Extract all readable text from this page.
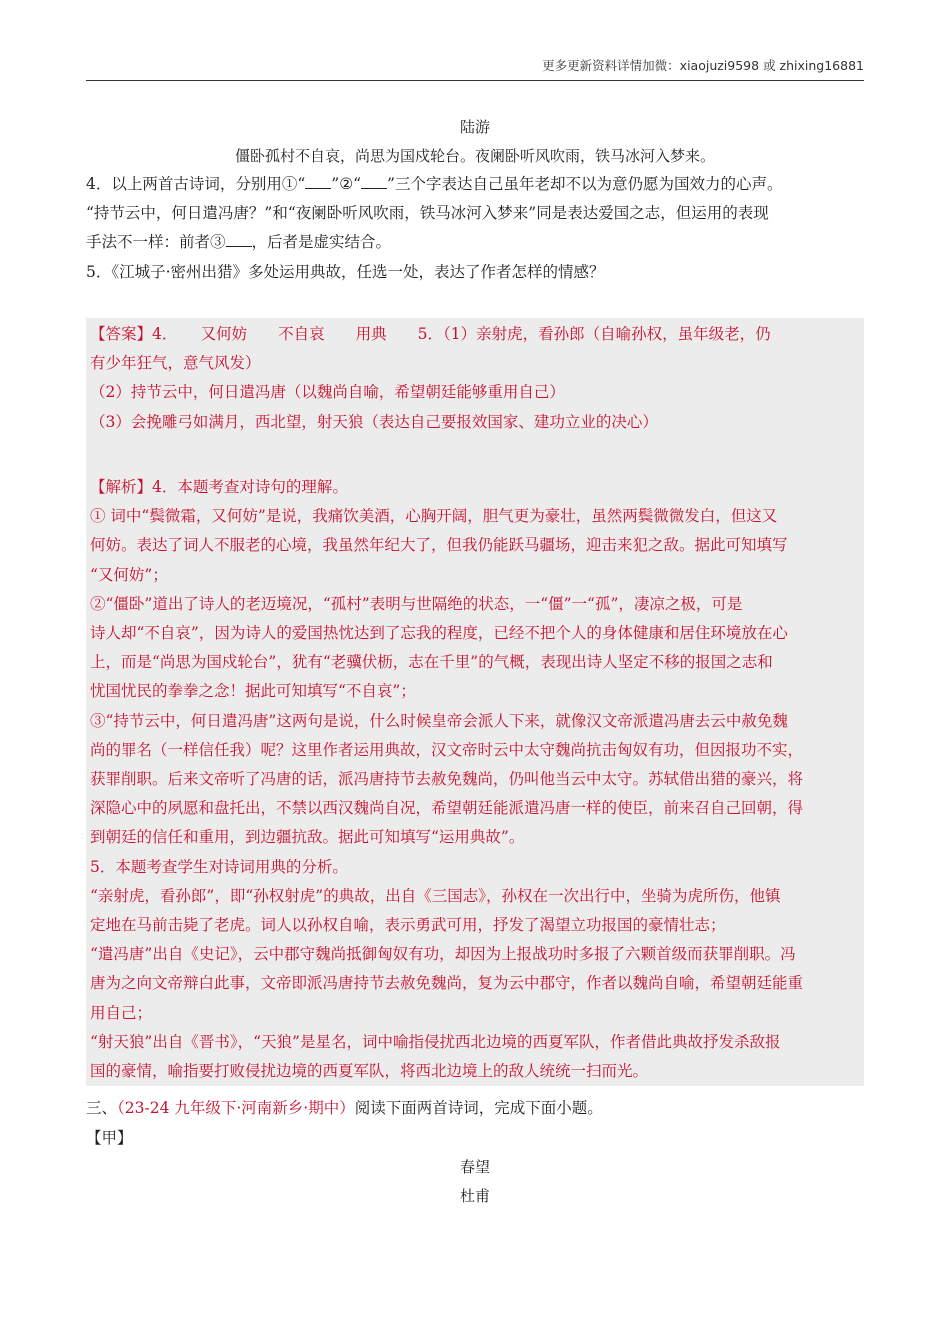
更多更新资料详情加微：xiaojuzi9598 或 zhixing16881
陆游
僵卧孤村不自哀，尚思为国戍轮台。夜阑卧听风吹雨，铁马冰河入梦来。
4．以上两首古诗词，分别用①“ ”②“ ”三个字表达自己虽年老却不以为意仍愿为国效力的心声。
“持节云中，何日遣冯唐？”和“夜阑卧听风吹雨，铁马冰河入梦来”同是表达爱国之志，但运用的表现
手法不一样：前者③ ，后者是虚实结合。
5．《江城子·密州出猎》多处运用典故，任选一处，表达了作者怎样的情感？
【答案】4．　　又何妨　　不自哀　　用典　　5．（1）亲射虎，看孙郎（自喻孙权，虽年级老，仍
有少年狂气，意气风发）
（2）持节云中，何日遣冯唐（以魏尚自喻，希望朝廷能够重用自己）
（3）会挽雕弓如满月，西北望，射天狼（表达自己要报效国家、建功立业的决心）
【解析】4．本题考查对诗句的理解。
① 词中“鬓微霜，又何妨”是说，我痛饮美酒，心胸开阔，胆气更为豪壮，虽然两鬓微微发白，但这又
何妨。表达了词人不服老的心境，我虽然年纪大了，但我仍能跃马疆场，迎击来犯之敌。据此可知填写
“又何妨”；
②“僵卧”道出了诗人的老迈境况，“孤村”表明与世隔绝的状态，一“僵”一“孤”，凄凉之极，可是
诗人却“不自哀”，因为诗人的爱国热忱达到了忘我的程度，已经不把个人的身体健康和居住环境放在心
上，而是“尚思为国戍轮台”，犹有“老骥伏枥，志在千里”的气概，表现出诗人坚定不移的报国之志和
忧国忧民的拳拳之念！据此可知填写“不自哀”；
③“持节云中，何日遣冯唐”这两句是说，什么时候皇帝会派人下来，就像汉文帝派遣冯唐去云中赦免魏
尚的罪名（一样信任我）呢？这里作者运用典故，汉文帝时云中太守魏尚抗击匈奴有功，但因报功不实，
获罪削职。后来文帝听了冯唐的话，派冯唐持节去赦免魏尚，仍叫他当云中太守。苏轼借出猎的豪兴，将
深隐心中的夙愿和盘托出，不禁以西汉魏尚自况，希望朝廷能派遣冯唐一样的使臣，前来召自己回朝，得
到朝廷的信任和重用，到边疆抗敌。据此可知填写“运用典故”。
5．本题考查学生对诗词用典的分析。
“亲射虎，看孙郎”，即“孙权射虎”的典故，出自《三国志》，孙权在一次出行中，坐骑为虎所伤，他镇
定地在马前击毙了老虎。词人以孙权自喻，表示勇武可用，抒发了渴望立功报国的豪情壮志；
“遣冯唐”出自《史记》，云中郡守魏尚抵御匈奴有功，却因为上报战功时多报了六颗首级而获罪削职。冯
唐为之向文帝辩白此事，文帝即派冯唐持节去赦免魏尚，复为云中郡守，作者以魏尚自喻，希望朝廷能重
用自己；
“射天狼”出自《晋书》，“天狼”是星名，词中喻指侵扰西北边境的西夏军队，作者借此典故抒发杀敌报
国的豪情，喻指要打败侵扰边境的西夏军队，将西北边境上的敌人统统一扫而光。
三、（23-24 九年级下·河南新乡·期中）阅读下面两首诗词，完成下面小题。
【甲】
春望
杜甫
